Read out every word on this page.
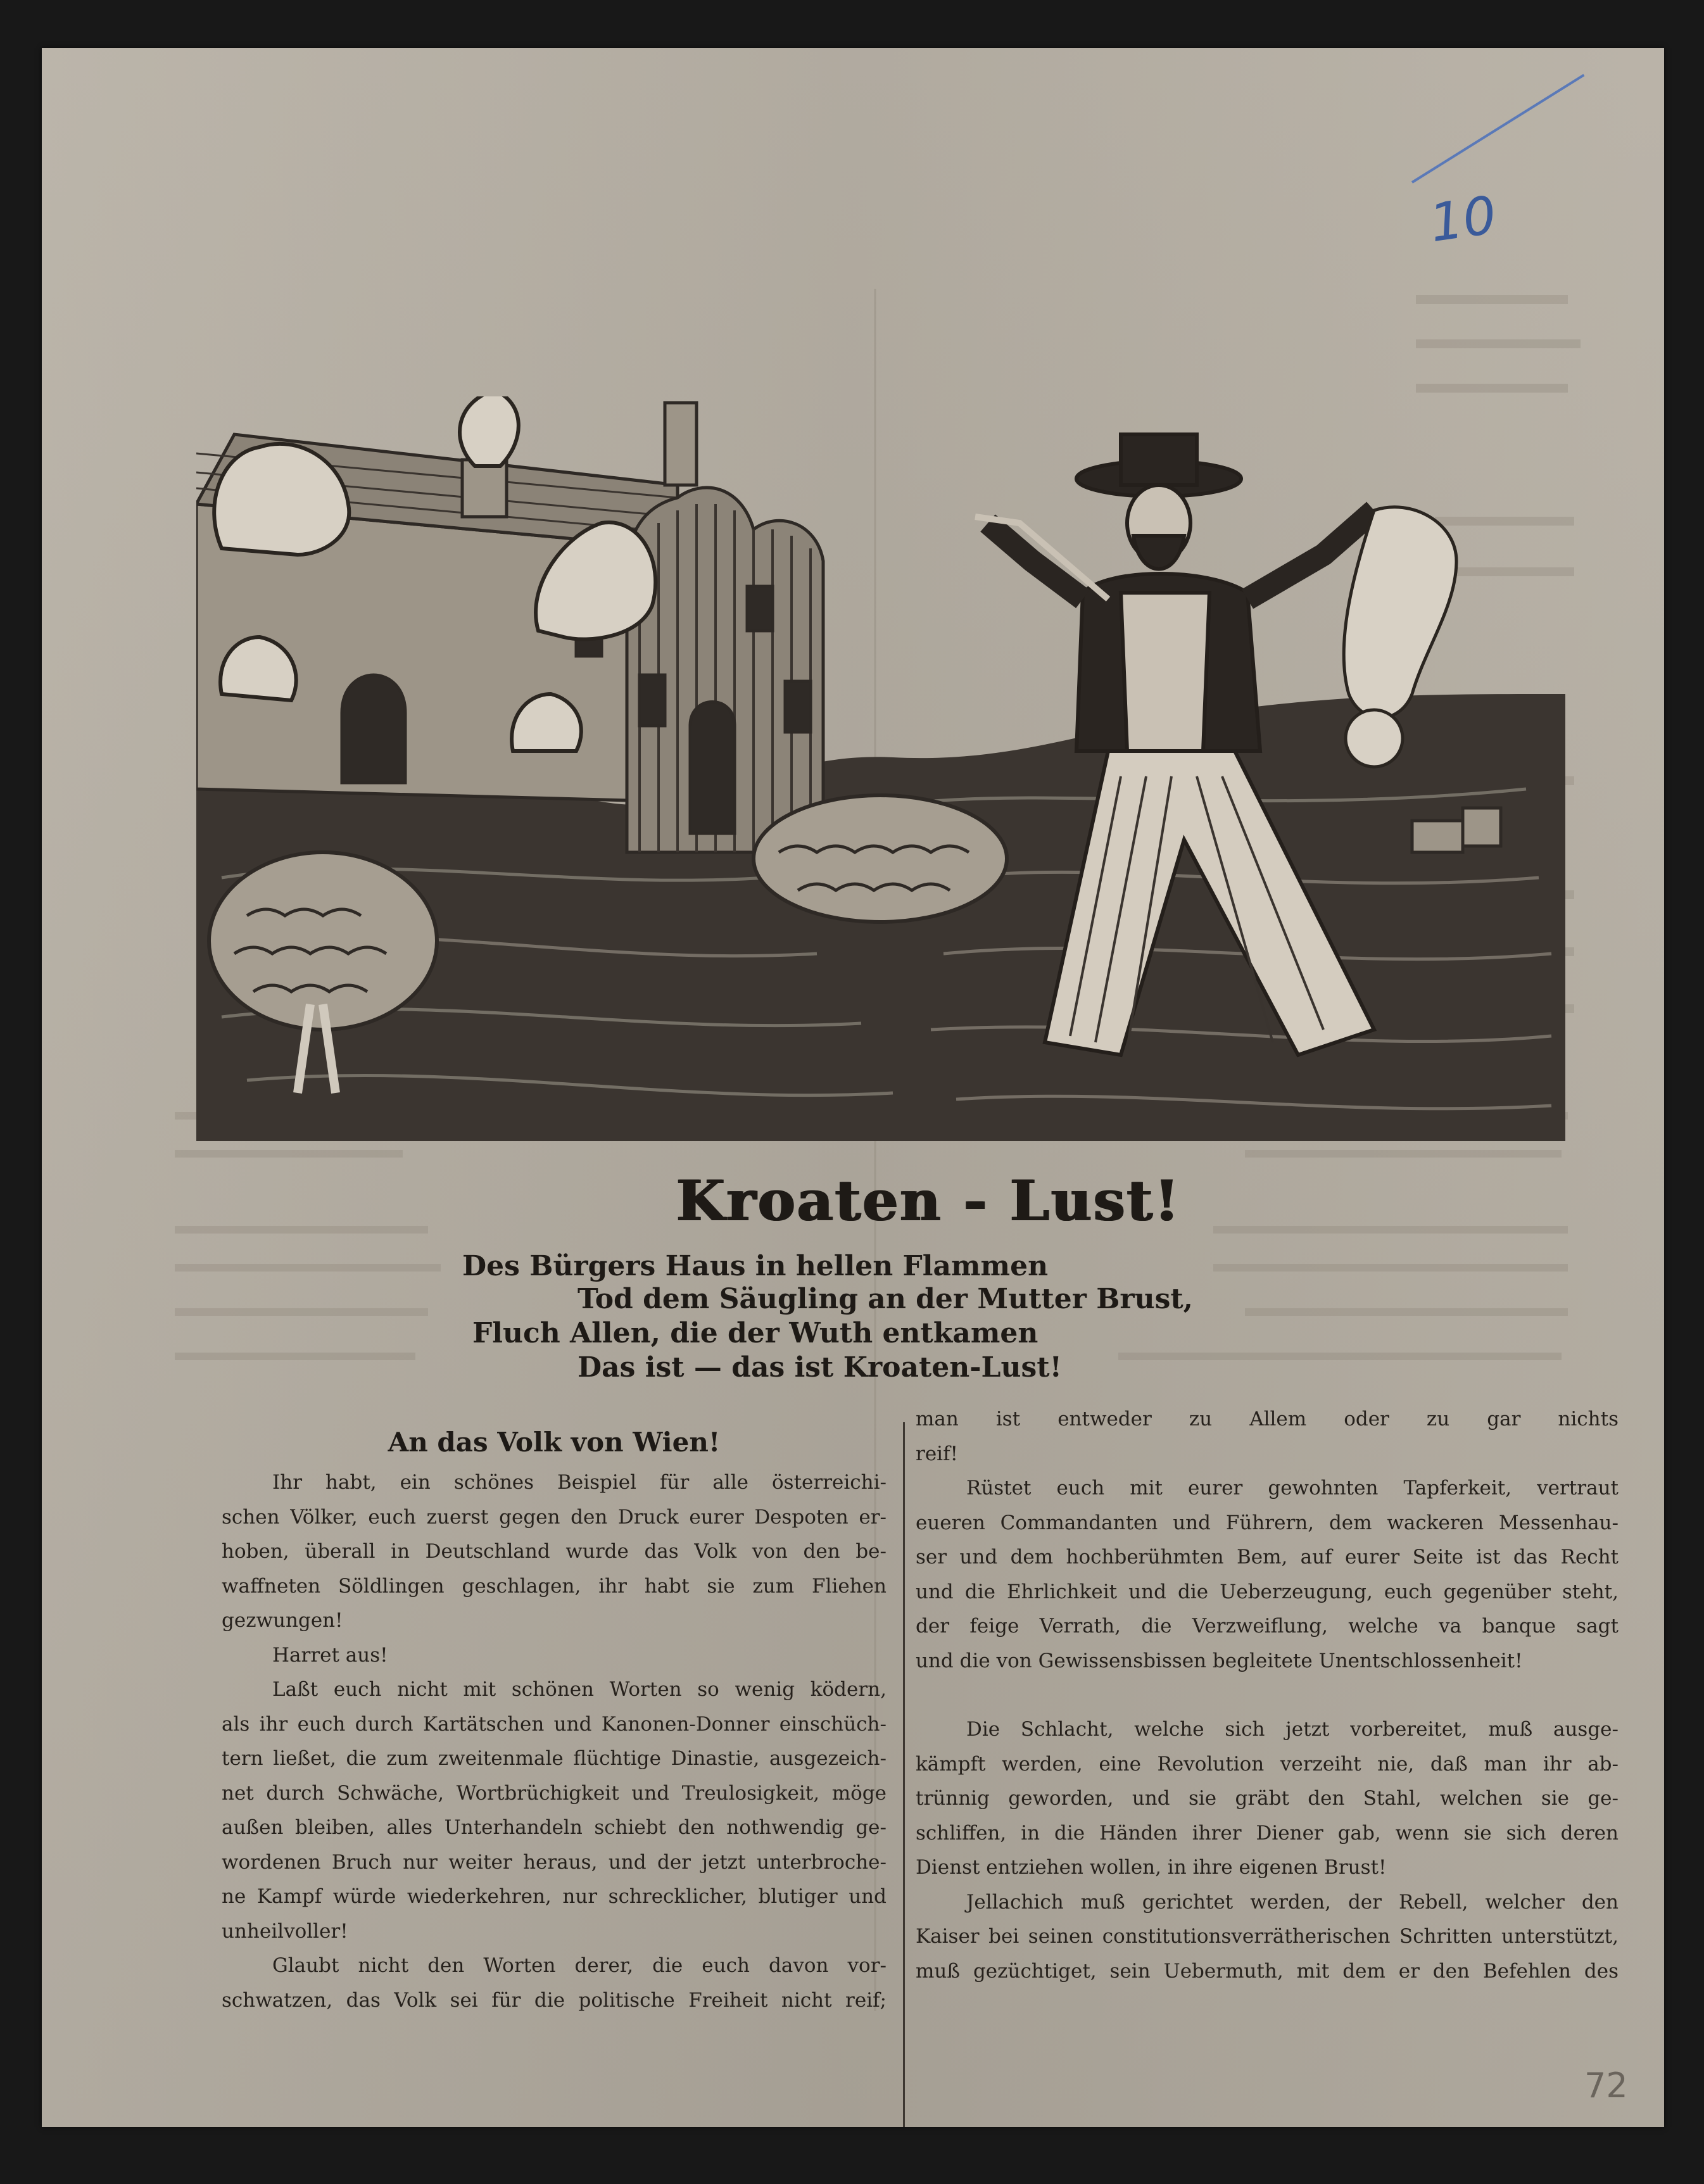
10
Kroaten - Lust!
Des Bürgers Haus in hellen Flammen
Tod dem Säugling an der Mutter Brust,
Fluch Allen, die der Wuth entkamen
Das ist — das ist Kroaten-Lust!
An das Volk von Wien!
Ihr habt, ein schönes Beispiel für alle österreichi-
schen Völker, euch zuerst gegen den Druck eurer Despoten er-
hoben, überall in Deutschland wurde das Volk von den be-
waffneten Söldlingen geschlagen, ihr habt sie zum Fliehen
gezwungen!
Harret aus!
Laßt euch nicht mit schönen Worten so wenig ködern,
als ihr euch durch Kartätschen und Kanonen-Donner einschüch-
tern ließet, die zum zweitenmale flüchtige Dinastie, ausgezeich-
net durch Schwäche, Wortbrüchigkeit und Treulosigkeit, möge
außen bleiben, alles Unterhandeln schiebt den nothwendig ge-
wordenen Bruch nur weiter heraus, und der jetzt unterbroche-
ne Kampf würde wiederkehren, nur schrecklicher, blutiger und
unheilvoller!
Glaubt nicht den Worten derer, die euch davon vor-
schwatzen, das Volk sei für die politische Freiheit nicht reif;
man ist entweder zu Allem oder zu gar nichts
reif!
Rüstet euch mit eurer gewohnten Tapferkeit, vertraut
eueren Commandanten und Führern, dem wackeren Messenhau-
ser und dem hochberühmten Bem, auf eurer Seite ist das Recht
und die Ehrlichkeit und die Ueberzeugung, euch gegenüber steht,
der feige Verrath, die Verzweiflung, welche va banque sagt
und die von Gewissensbissen begleitete Unentschlossenheit!
Die Schlacht, welche sich jetzt vorbereitet, muß ausge-
kämpft werden, eine Revolution verzeiht nie, daß man ihr ab-
trünnig geworden, und sie gräbt den Stahl, welchen sie ge-
schliffen, in die Händen ihrer Diener gab, wenn sie sich deren
Dienst entziehen wollen, in ihre eigenen Brust!
Jellachich muß gerichtet werden, der Rebell, welcher den
Kaiser bei seinen constitutionsverrätherischen Schritten unterstützt,
muß gezüchtiget, sein Uebermuth, mit dem er den Befehlen des
72
